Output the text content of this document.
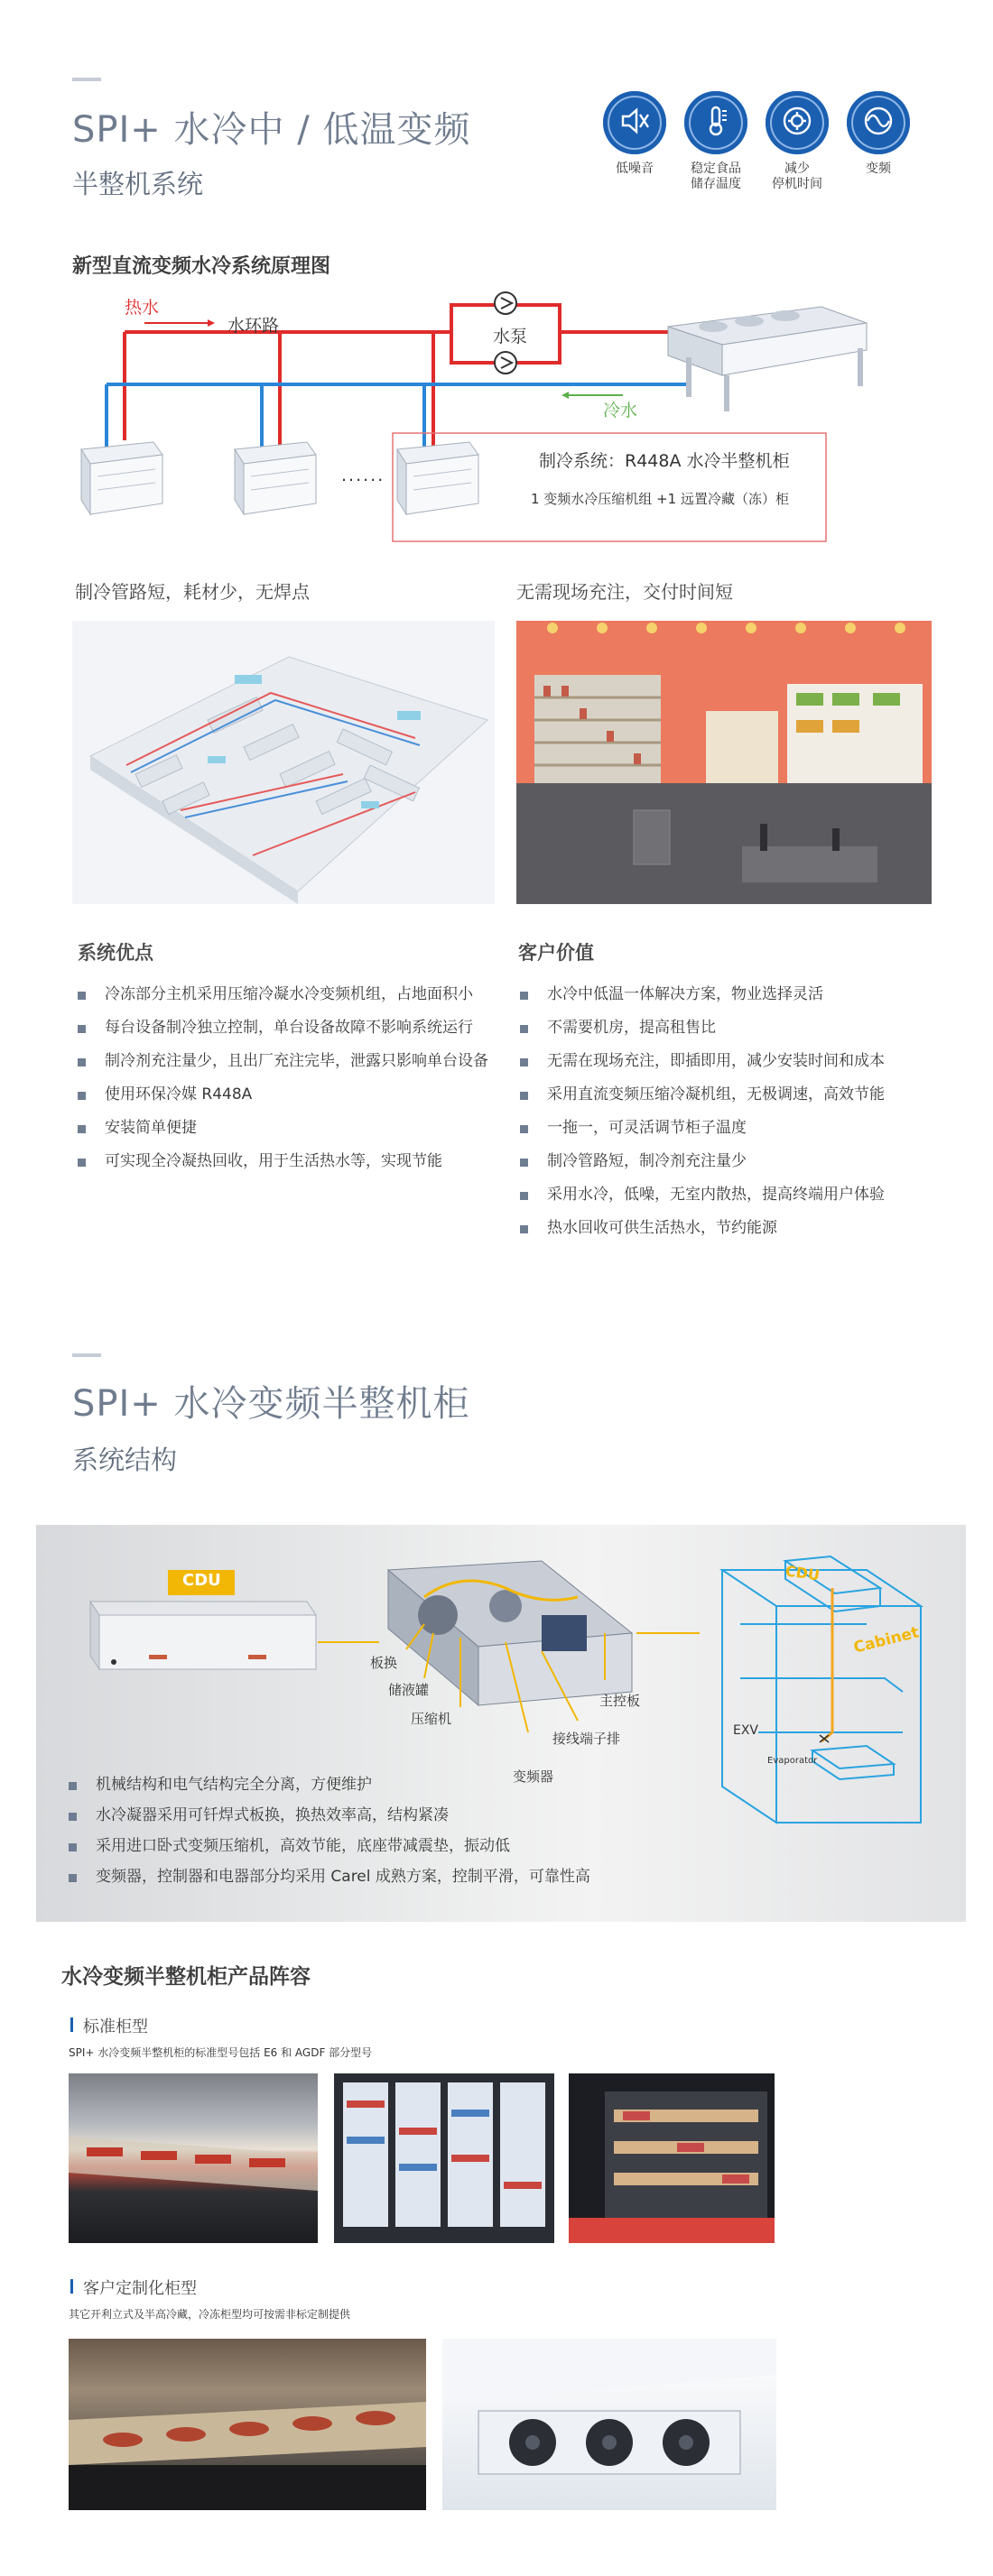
SPI+ 水冷中 / 低温变频
半整机系统	低噪音	稳定食品
储存温度
减少
停机时间
变频
新型直流变频水冷系统原理图
热水
水环路
水泵
冷水
......
制冷系统：R448A 水冷半整机柜
1 变频水冷压缩机组 +1 远置冷藏（冻）柜
制冷管路短，耗材少，无焊点	无需现场充注，交付时间短
系统优点	客户价值
冷冻部分主机采用压缩冷凝水冷变频机组，占地面积小
每台设备制冷独立控制，单台设备故障不影响系统运行
制冷剂充注量少，且出厂充注完毕，泄露只影响单台设备
使用环保冷媒 R448A
安装简单便捷
可实现全冷凝热回收，用于生活热水等，实现节能
水冷中低温一体解决方案，物业选择灵活
不需要机房，提高租售比
无需在现场充注，即插即用，减少安装时间和成本
采用直流变频压缩冷凝机组，无极调速，高效节能
一拖一，可灵活调节柜子温度
制冷管路短，制冷剂充注量少
采用水冷，低噪，无室内散热，提高终端用户体验
热水回收可供生活热水，节约能源
SPI+ 水冷变频半整机柜
系统结构
CDU	CDU
Cabinet
EXV
Evaporator
板换
储液罐
压缩机
变频器
接线端子排
主控板
机械结构和电气结构完全分离，方便维护
水冷凝器采用可钎焊式板换，换热效率高，结构紧凑
采用进口卧式变频压缩机，高效节能，底座带减震垫，振动低
变频器，控制器和电器部分均采用 Carel 成熟方案，控制平滑，可靠性高
水冷变频半整机柜产品阵容
标准柜型
SPI+ 水冷变频半整机柜的标准型号包括 E6 和 AGDF 部分型号
客户定制化柜型
其它开利立式及半高冷藏，冷冻柜型均可按需非标定制提供
